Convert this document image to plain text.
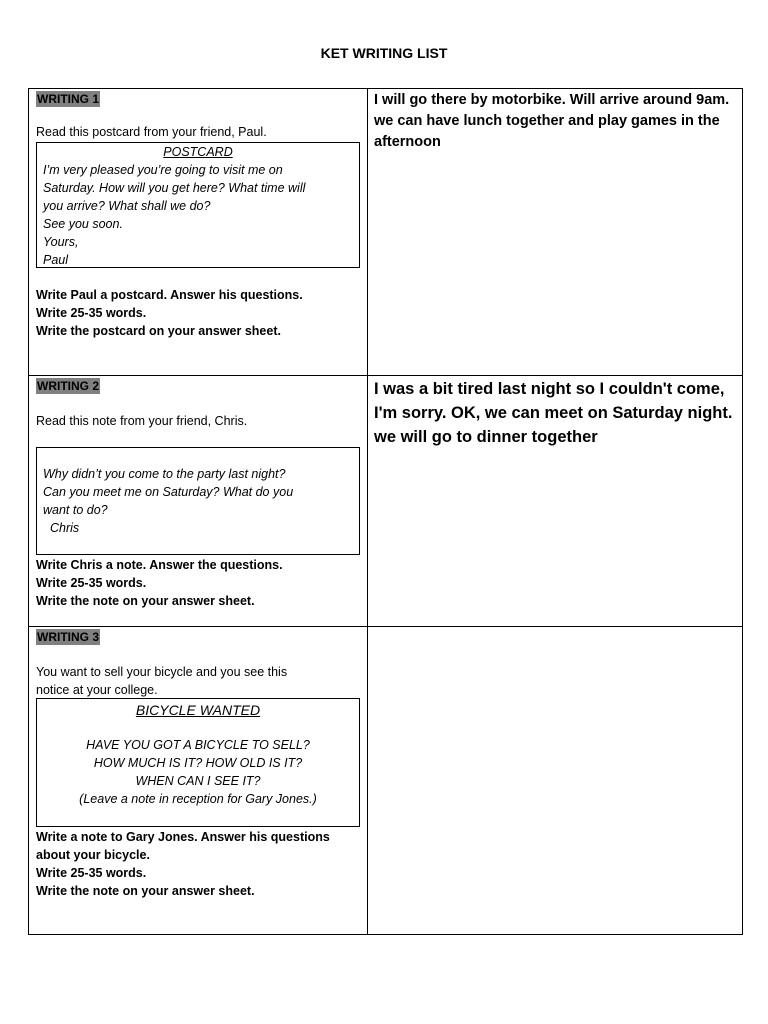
KET WRITING LIST
WRITING 1
Read this postcard from your friend, Paul.
POSTCARD
I’m very pleased you’re going to visit me on
Saturday. How will you get here? What time will
you arrive? What shall we do?
See you soon.
Yours,
Paul
Write Paul a postcard. Answer his questions.
Write 25-35 words.
Write the postcard on your answer sheet.
I will go there by motorbike. Will arrive around 9am. we can have lunch together and play games in the afternoon
WRITING 2
Read this note from your friend, Chris.
Why didn’t you come to the party last night?
Can you meet me on Saturday? What do you
want to do?
Chris
Write Chris a note. Answer the questions.
Write 25-35 words.
Write the note on your answer sheet.
I was a bit tired last night so I couldn't come, I'm sorry. OK, we can meet on Saturday night. we will go to dinner together
WRITING 3
You want to sell your bicycle and you see this
notice at your college.
BICYCLE WANTED
HAVE YOU GOT A BICYCLE TO SELL?
HOW MUCH IS IT? HOW OLD IS IT?
WHEN CAN I SEE IT?
(Leave a note in reception for Gary Jones.)
Write a note to Gary Jones. Answer his questions
about your bicycle.
Write 25-35 words.
Write the note on your answer sheet.
